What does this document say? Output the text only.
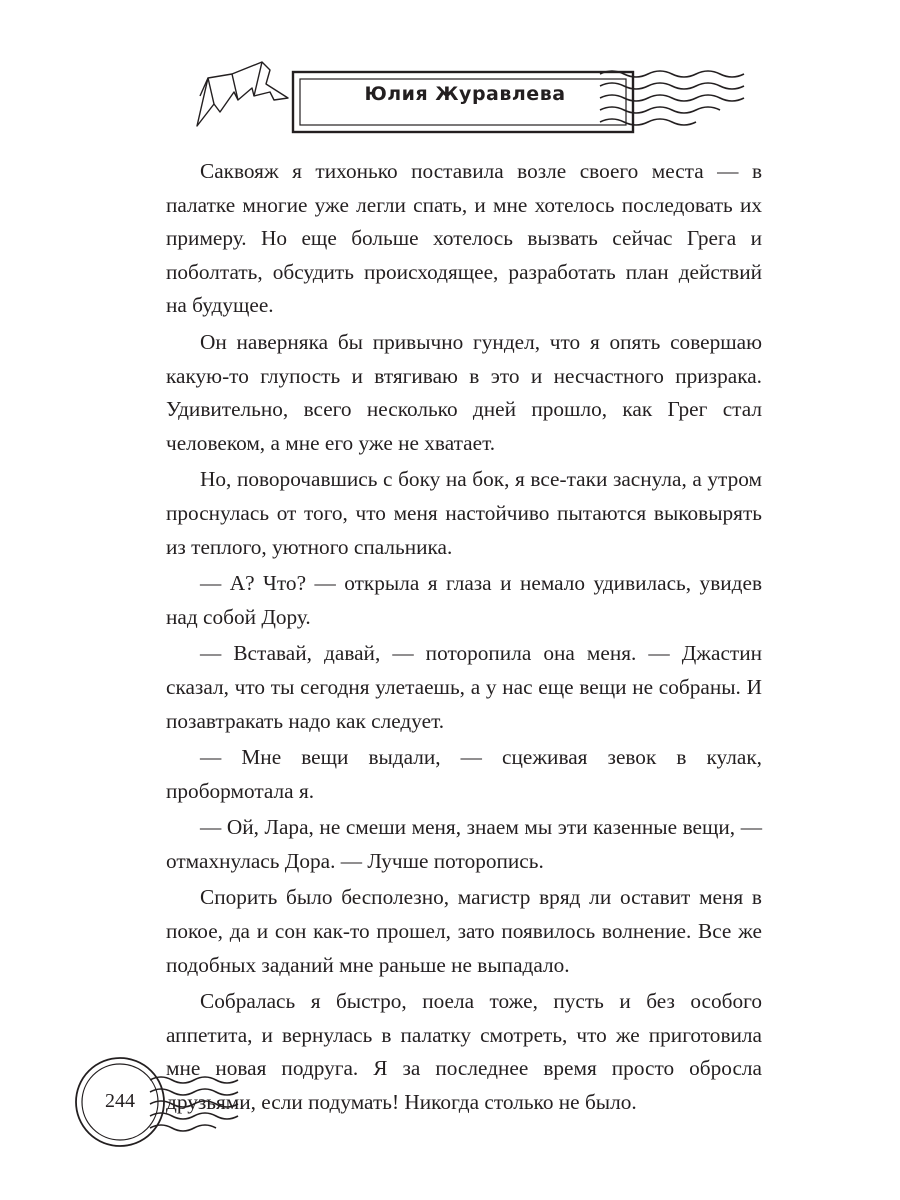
Юлия Журавлева

Саквояж я тихонько поставила возле своего места — в палатке многие уже легли спать, и мне хотелось последовать их примеру. Но еще больше хотелось вызвать сейчас Грега и поболтать, обсудить происходящее, разработать план действий на будущее.

Он наверняка бы привычно гундел, что я опять совершаю какую-то глупость и втягиваю в это и несчастного призрака. Удивительно, всего несколько дней прошло, как Грег стал человеком, а мне его уже не хватает.

Но, поворочавшись с боку на бок, я все-таки заснула, а утром проснулась от того, что меня настойчиво пытаются выковырять из теплого, уютного спальника.

— А? Что? — открыла я глаза и немало удивилась, увидев над собой Дору.

— Вставай, давай, — поторопила она меня. — Джастин сказал, что ты сегодня улетаешь, а у нас еще вещи не собраны. И позавтракать надо как следует.

— Мне вещи выдали, — сцеживая зевок в кулак, пробормотала я.

— Ой, Лара, не смеши меня, знаем мы эти казенные вещи, — отмахнулась Дора. — Лучше поторопись.

Спорить было бесполезно, магистр вряд ли оставит меня в покое, да и сон как-то прошел, зато появилось волнение. Все же подобных заданий мне раньше не выпадало.

Собралась я быстро, поела тоже, пусть и без особого аппетита, и вернулась в палатку смотреть, что же приготовила мне новая подруга. Я за последнее время просто обросла друзьями, если подумать! Никогда столько не было.

244
